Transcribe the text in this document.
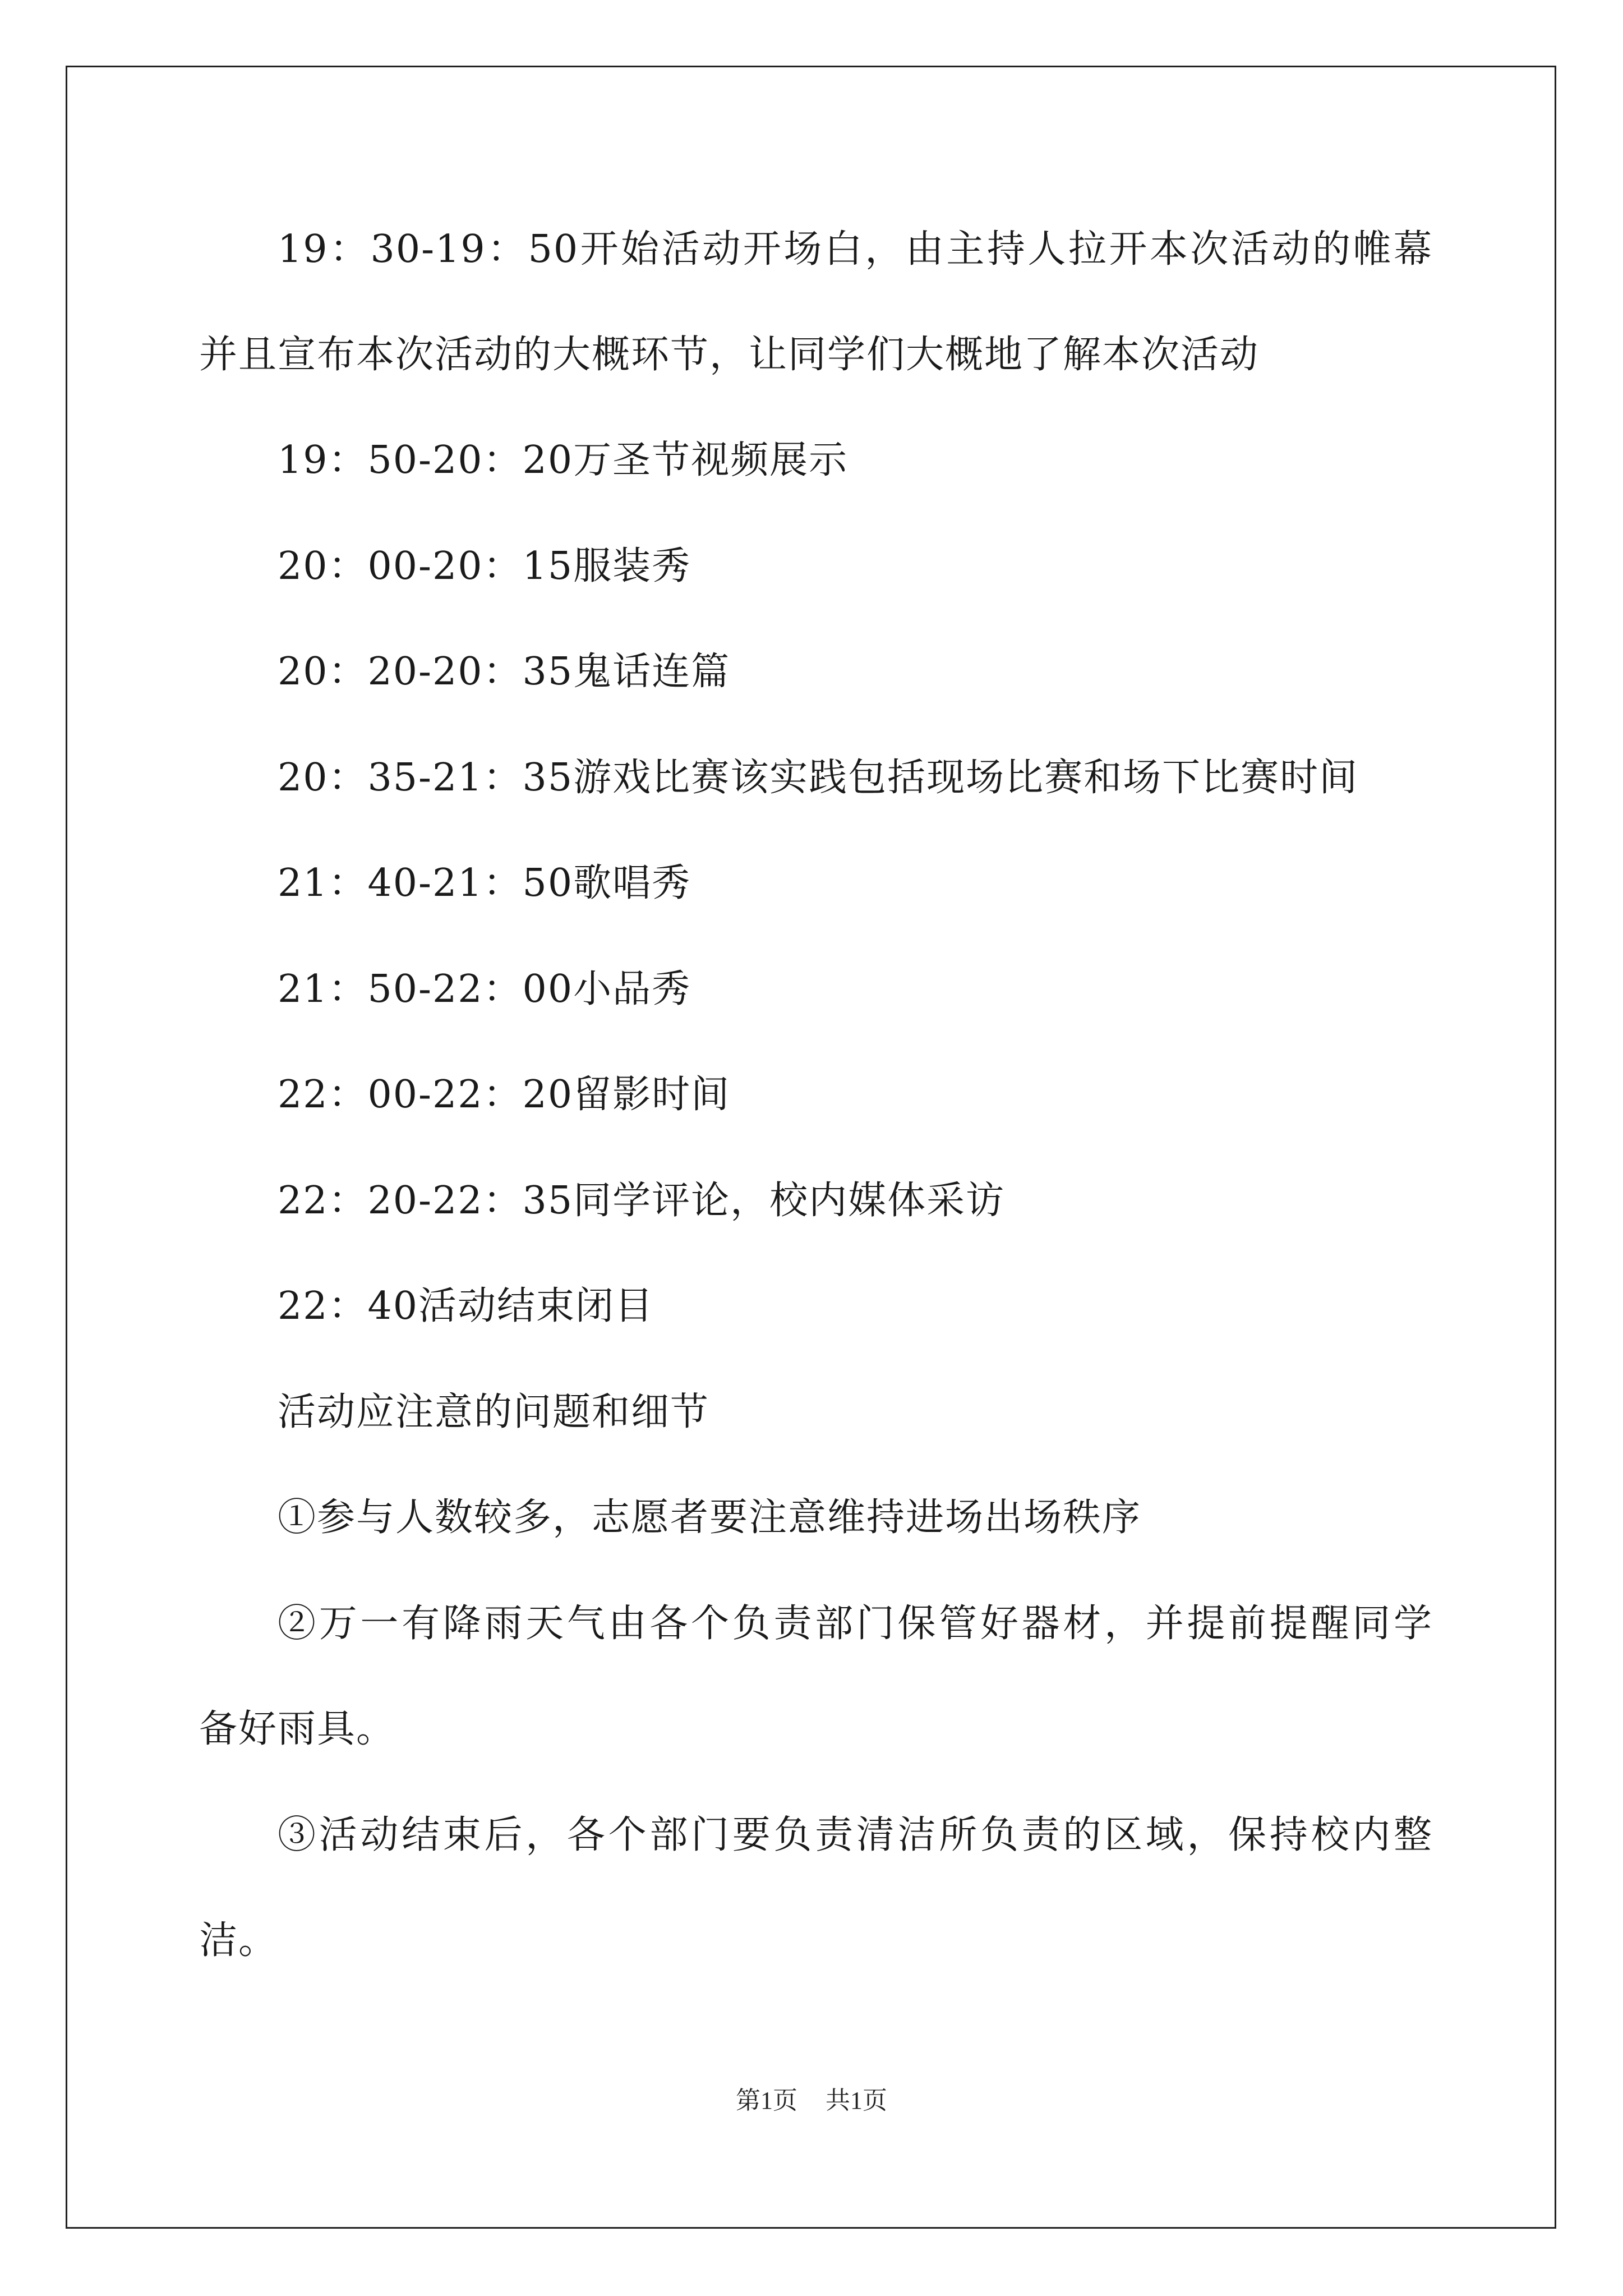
19：30-19：50开始活动开场白，由主持人拉开本次活动的帷幕
并且宣布本次活动的大概环节，让同学们大概地了解本次活动
19：50-20：20万圣节视频展示
20：00-20：15服装秀
20：20-20：35鬼话连篇
20：35-21：35游戏比赛该实践包括现场比赛和场下比赛时间
21：40-21：50歌唱秀
21：50-22：00小品秀
22：00-22：20留影时间
22：20-22：35同学评论，校内媒体采访
22：40活动结束闭目
活动应注意的问题和细节
①参与人数较多，志愿者要注意维持进场出场秩序
②万一有降雨天气由各个负责部门保管好器材，并提前提醒同学
备好雨具。
③活动结束后，各个部门要负责清洁所负责的区域，保持校内整
洁。
第1页 共1页
